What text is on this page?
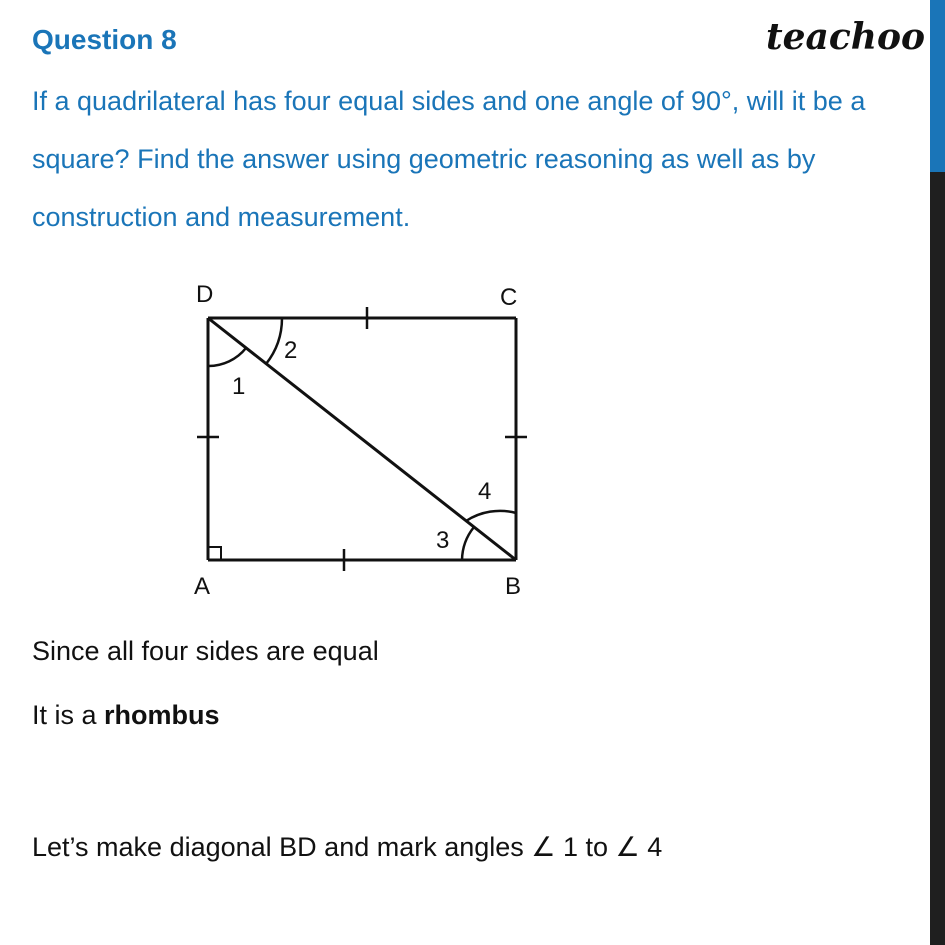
Question 8	teachoo
If a quadrilateral has four equal sides and one angle of 90°, will it be a square? Find the answer using geometric reasoning as well as by construction and measurement.
D	C
A	B
1
2
3
4
Since all four sides are equal
It is a rhombus
Let’s make diagonal BD and mark angles ∠ 1 to ∠ 4
